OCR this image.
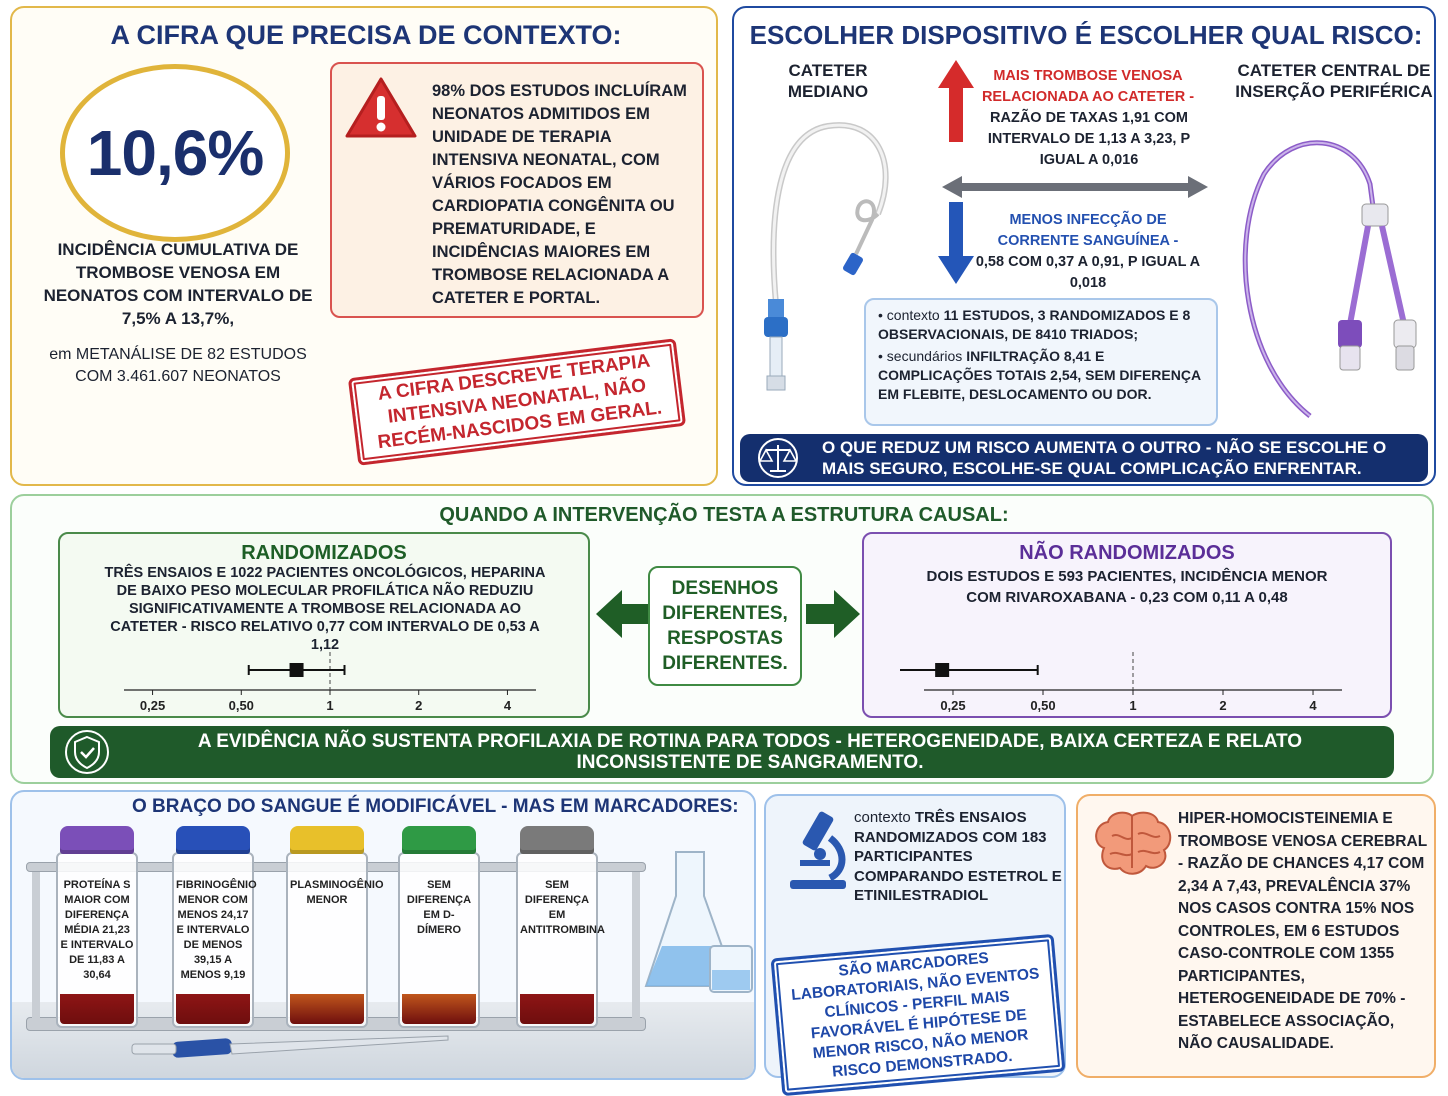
A CIFRA QUE PRECISA DE CONTEXTO:
10,6%
INCIDÊNCIA CUMULATIVA DE TROMBOSE VENOSA EM NEONATOS COM INTERVALO DE 7,5% A 13,7%,
em METANÁLISE DE 82 ESTUDOS COM 3.461.607 NEONATOS
98% DOS ESTUDOS INCLUÍRAM NEONATOS ADMITIDOS EM UNIDADE DE TERAPIA INTENSIVA NEONATAL, COM VÁRIOS FOCADOS EM CARDIOPATIA CONGÊNITA OU PREMATURIDADE, E INCIDÊNCIAS MAIORES EM TROMBOSE RELACIONADA A CATETER E PORTAL.
A CIFRA DESCREVE TERAPIA INTENSIVA NEONATAL, NÃO RECÉM-NASCIDOS EM GERAL.
ESCOLHER DISPOSITIVO É ESCOLHER QUAL RISCO:
CATETER MEDIANO
CATETER CENTRAL DE INSERÇÃO PERIFÉRICA
MAIS TROMBOSE VENOSA RELACIONADA AO CATETER -
RAZÃO DE TAXAS 1,91 COM INTERVALO DE 1,13 A 3,23, P IGUAL A 0,016
MENOS INFECÇÃO DE CORRENTE SANGUÍNEA -
0,58 COM 0,37 A 0,91, P IGUAL A 0,018
• contexto 11 ESTUDOS, 3 RANDOMIZADOS E 8 OBSERVACIONAIS, DE 8410 TRIADOS;
• secundários INFILTRAÇÃO 8,41 E COMPLICAÇÕES TOTAIS 2,54, SEM DIFERENÇA EM FLEBITE, DESLOCAMENTO OU DOR.
O QUE REDUZ UM RISCO AUMENTA O OUTRO - NÃO SE ESCOLHE O MAIS SEGURO, ESCOLHE-SE QUAL COMPLICAÇÃO ENFRENTAR.
QUANDO A INTERVENÇÃO TESTA A ESTRUTURA CAUSAL:
RANDOMIZADOS
TRÊS ENSAIOS E 1022 PACIENTES ONCOLÓGICOS, HEPARINA DE BAIXO PESO MOLECULAR PROFILÁTICA NÃO REDUZIU SIGNIFICATIVAMENTE A TROMBOSE RELACIONADA AO CATETER - RISCO RELATIVO 0,77 COM INTERVALO DE 0,53 A 1,12
0,25	0,50	1	2	4
DESENHOS DIFERENTES, RESPOSTAS DIFERENTES.
NÃO RANDOMIZADOS
DOIS ESTUDOS E 593 PACIENTES, INCIDÊNCIA MENOR COM RIVAROXABANA - 0,23 COM 0,11 A 0,48
0,25	0,50	1	2	4
A EVIDÊNCIA NÃO SUSTENTA PROFILAXIA DE ROTINA PARA TODOS - HETEROGENEIDADE, BAIXA CERTEZA E RELATO INCONSISTENTE DE SANGRAMENTO.
O BRAÇO DO SANGUE É MODIFICÁVEL - MAS EM MARCADORES:
PROTEÍNA S MAIOR COM DIFERENÇA MÉDIA 21,23 E INTERVALO DE 11,83 A 30,64
FIBRINOGÊNIO MENOR COM MENOS 24,17 E INTERVALO DE MENOS 39,15 A MENOS 9,19
PLASMINOGÊNIO MENOR
SEM DIFERENÇA EM D-DÍMERO
SEM DIFERENÇA EM ANTITROMBINA
contexto TRÊS ENSAIOS RANDOMIZADOS COM 183 PARTICIPANTES COMPARANDO ESTETROL E ETINILESTRADIOL
SÃO MARCADORES LABORATORIAIS, NÃO EVENTOS CLÍNICOS - PERFIL MAIS FAVORÁVEL É HIPÓTESE DE MENOR RISCO, NÃO MENOR RISCO DEMONSTRADO.
HIPER-HOMOCISTEINEMIA E TROMBOSE VENOSA CEREBRAL - RAZÃO DE CHANCES 4,17 COM 2,34 A 7,43, PREVALÊNCIA 37% NOS CASOS CONTRA 15% NOS CONTROLES, EM 6 ESTUDOS CASO-CONTROLE COM 1355 PARTICIPANTES, HETEROGENEIDADE DE 70% - ESTABELECE ASSOCIAÇÃO, NÃO CAUSALIDADE.
